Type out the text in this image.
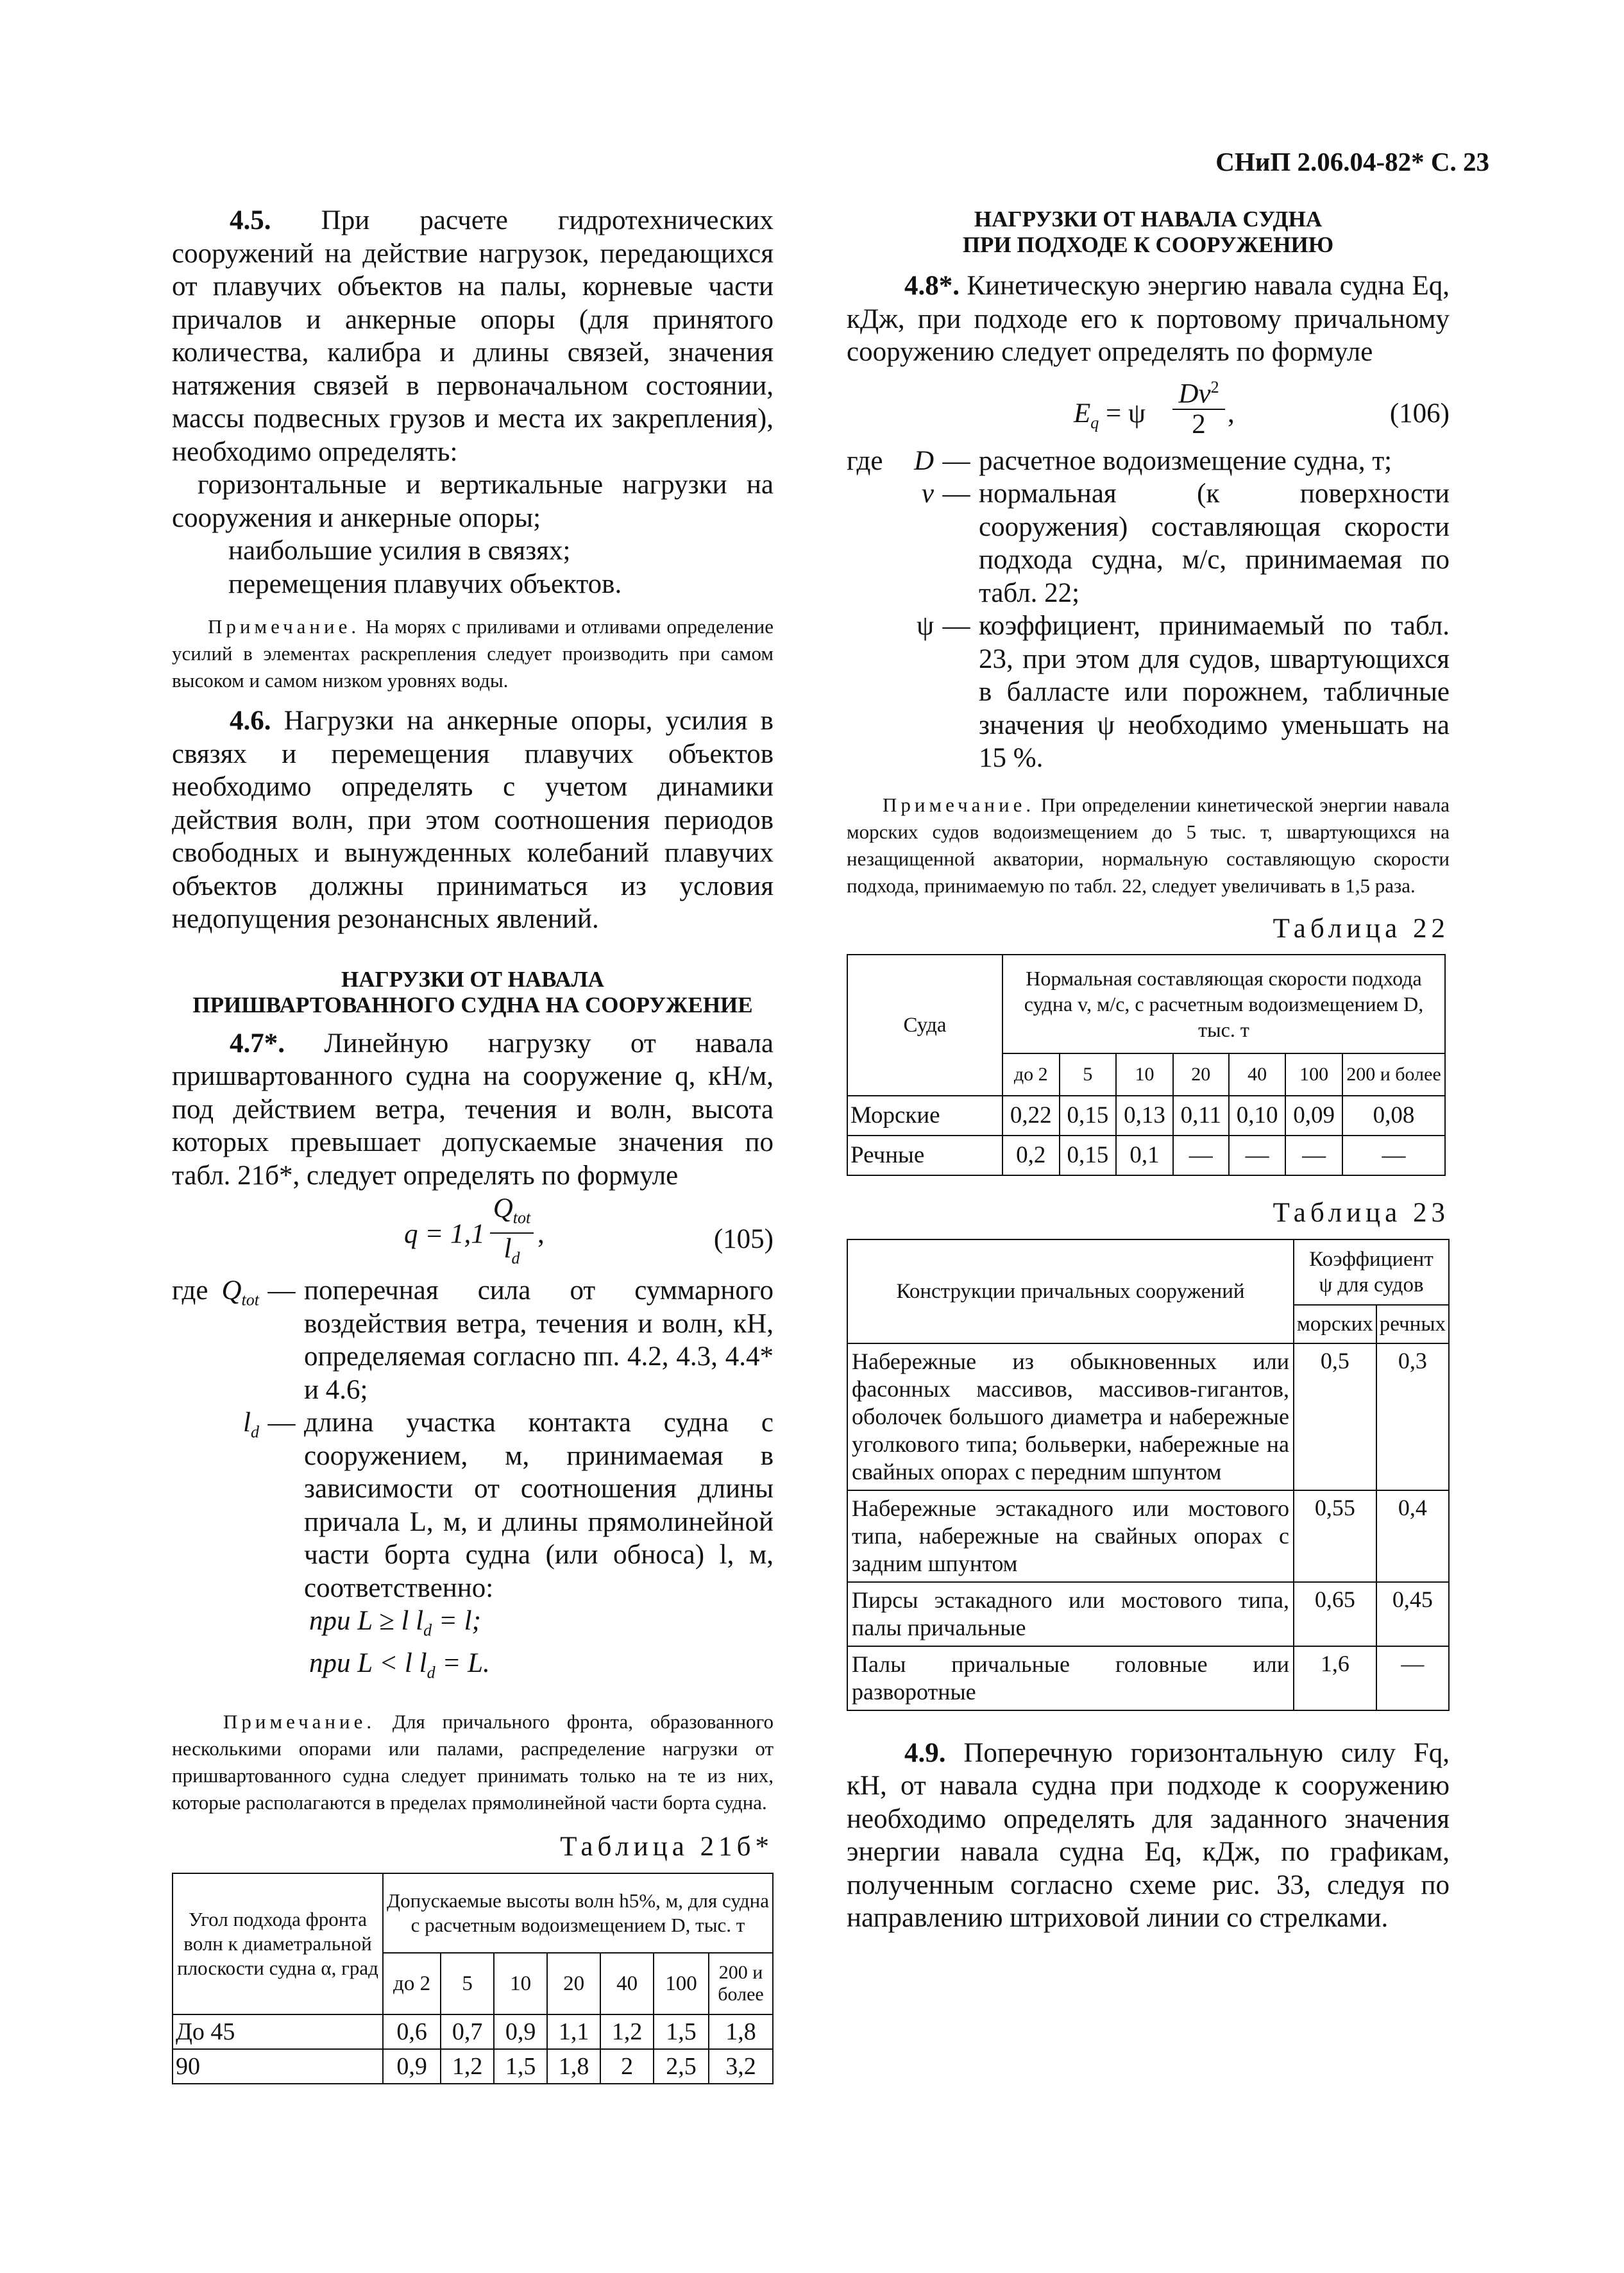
СНиП 2.06.04-82* С. 23

4.5. При расчете гидротехнических сооружений на действие нагрузок, передающихся от плавучих объектов на палы, корневые части причалов и анкерные опоры (для принятого количества, калибра и длины связей, значения натяжения связей в первоначальном состоянии, массы подвесных грузов и места их закрепления), необходимо определять:

горизонтальные и вертикальные нагрузки на сооружения и анкерные опоры;

наибольшие усилия в связях;

перемещения плавучих объектов.

Примечание. На морях с приливами и отливами определение усилий в элементах раскрепления следует производить при самом высоком и самом низком уровнях воды.

4.6. Нагрузки на анкерные опоры, усилия в связях и перемещения плавучих объектов необходимо определять с учетом динамики действия волн, при этом соотношения периодов свободных и вынужденных колебаний плавучих объектов должны приниматься из условия недопущения резонансных явлений.

НАГРУЗКИ ОТ НАВАЛА

ПРИШВАРТОВАННОГО СУДНА НА СООРУЖЕНИЕ

4.7*. Линейную нагрузку от навала пришвартованного судна на сооружение q, кН/м, под действием ветра, течения и волн, высота которых превышает допускаемые значения по табл. 21б*, следует определять по формуле

q = 1,1
$Q_{tot}$
$l_d$
,	(105)
где $Q_{tot}$ — поперечная сила от суммарного воздействия ветра, течения и волн, кН, определяемая согласно пп. 4.2, 4.3, 4.4* и 4.6;
$l_d$ — длина участка контакта судна с сооружением, м, принимаемая в зависимости от соотношения длины причала L, м, и длины прямолинейной части борта судна (или обноса) l, м, соответственно:
при L ≥ l $l_d = l$;
при L < l $l_d = L$.

Примечание. Для причального фронта, образованного несколькими опорами или палами, распределение нагрузки от пришвартованного судна следует принимать только на те из них, которые располагаются в пределах прямолинейной части борта судна.

Таблица 21б*

Угол подхода фронта волн к диаметральной плоскости судна α, град	Допускаемые высоты волн h5%, м, для судна с расчетным водоизмещением D, тыс. т						
	до 2	5	10	20	40	100	200 и более
До 45	0,6	0,7	0,9	1,1	1,2	1,5	1,8
90	0,9	1,2	1,5	1,8	2	2,5	3,2

НАГРУЗКИ ОТ НАВАЛА СУДНА

ПРИ ПОДХОДЕ К СООРУЖЕНИЮ

4.8*. Кинетическую энергию навала судна Eq, кДж, при подходе его к портовому причальному сооружению следует определять по формуле

$E_q = \psi \frac{Dv^2}{2}$ ,	(106)
где	D — расчетное водоизмещение судна, т;
v — нормальная (к поверхности сооружения) составляющая скорости подхода судна, м/с, принимаемая по табл. 22;
ψ — коэффициент, принимаемый по табл. 23, при этом для судов, швартующихся в балласте или порожнем, табличные значения ψ необходимо уменьшать на 15 %.

Примечание. При определении кинетической энергии навала морских судов водоизмещением до 5 тыс. т, швартующихся на незащищенной акватории, нормальную составляющую скорости подхода, принимаемую по табл. 22, следует увеличивать в 1,5 раза.

Таблица 22

Суда	Нормальная составляющая скорости подхода судна v, м/с, с расчетным водоизмещением D, тыс. т						
	до 2	5	10	20	40	100	200 и более
Морские	0,22	0,15	0,13	0,11	0,10	0,09	0,08
Речные	0,2	0,15	0,1	—	—	—	—

Таблица 23

Конструкции причальных сооружений	Коэффициент ψ для судов	
	морских	речных
Набережные из обыкновенных или фасонных массивов, массивов-гигантов, оболочек большого диаметра и набережные уголкового типа; больверки, набережные на свайных опорах с передним шпунтом	0,5	0,3
Набережные эстакадного или мостового типа, набережные на свайных опорах с задним шпунтом	0,55	0,4
Пирсы эстакадного или мостового типа, палы причальные	0,65	0,45
Палы причальные головные или разворотные	1,6	—

4.9. Поперечную горизонтальную силу Fq, кН, от навала судна при подходе к сооружению необходимо определять для заданного значения энергии навала судна Eq, кДж, по графикам, полученным согласно схеме рис. 33, следуя по направлению штриховой линии со стрелками.
